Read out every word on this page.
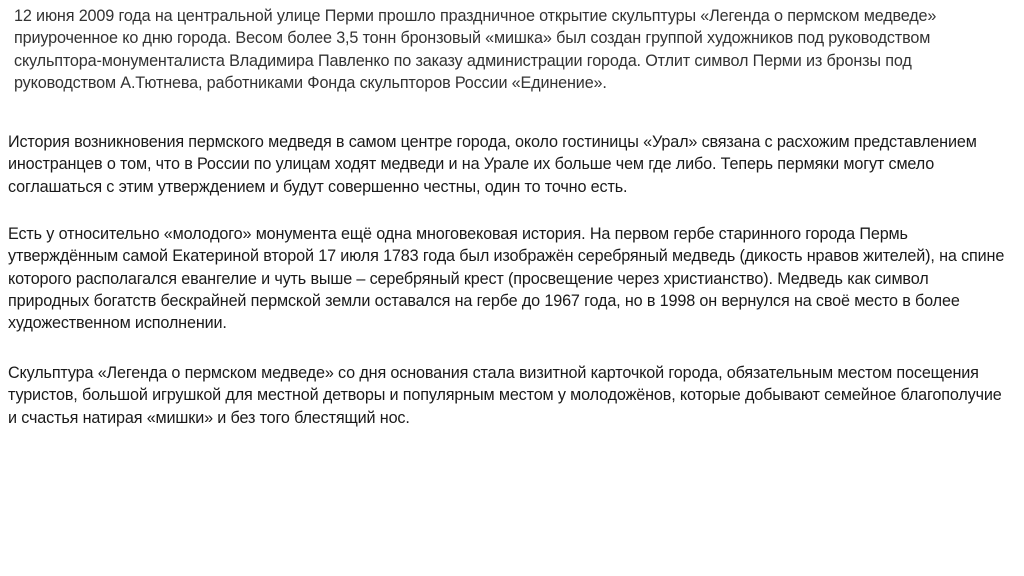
12 июня 2009 года на центральной улице Перми прошло праздничное открытие скульптуры «Легенда о пермском медведе» приуроченное ко дню города. Весом более 3,5 тонн бронзовый «мишка» был создан группой художников под руководством скульптора-монументалиста Владимира Павленко по заказу администрации города. Отлит символ Перми из бронзы под руководством А.Тютнева, работниками Фонда скульпторов России «Единение».

История возникновения пермского медведя в самом центре города, около гостиницы «Урал» связана с расхожим представлением иностранцев о том, что в России по улицам ходят медведи и на Урале их больше чем где либо. Теперь пермяки могут смело соглашаться с этим утверждением и будут совершенно честны, один то точно есть.

Есть у относительно «молодого» монумента ещё одна многовековая история. На первом гербе старинного города Пермь утверждённым самой Екатериной второй 17 июля 1783 года был изображён серебряный медведь (дикость нравов жителей), на спине которого располагался евангелие и чуть выше – серебряный крест (просвещение через христианство). Медведь как символ природных богатств бескрайней пермской земли оставался на гербе до 1967 года, но в 1998 он вернулся на своё место в более художественном исполнении.

Скульптура «Легенда о пермском медведе» со дня основания стала визитной карточкой города, обязательным местом посещения туристов, большой игрушкой для местной детворы и популярным местом у молодожёнов, которые добывают семейное благополучие и счастья натирая «мишки» и без того блестящий нос.
